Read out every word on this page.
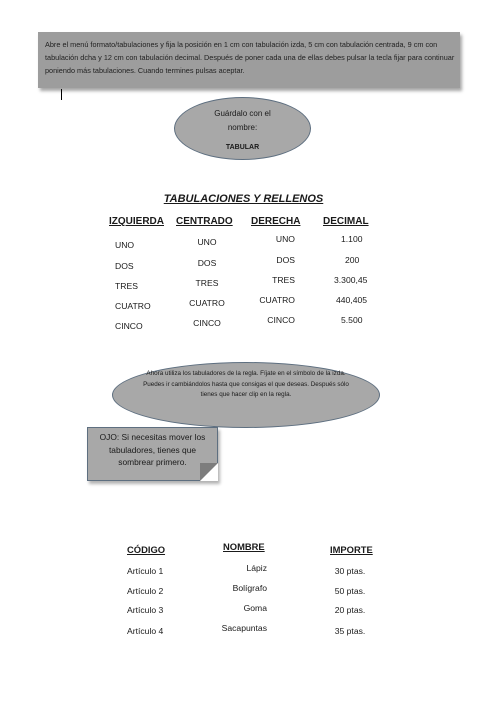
Abre el menú formato/tabulaciones y fija la posición en 1 cm con tabulación izda, 5 cm con tabulación centrada, 9 cm con tabulación dcha y 12 cm con tabulación decimal. Después de poner cada una de ellas debes pulsar la tecla fijar para continuar poniendo más tabulaciones. Cuando termines pulsas aceptar.
Guárdalo con el
nombre:
TABULAR
TABULACIONES Y RELLENOS
IZQUIERDA CENTRADO DERECHA DECIMAL
UNO
DOS
TRES
CUATRO
CINCO
UNO
DOS
TRES
CUATRO
CINCO
UNO
DOS
TRES
CUATRO
CINCO
1.100
200
3.300,45
440,405
5.500
Ahora utiliza los tabuladores de la regla. Fíjate en el símbolo de la izda. Puedes ir cambiándolos hasta que consigas el que deseas. Después sólo tienes que hacer clip en la regla.
OJO: Si necesitas mover los tabuladores, tienes que sombrear primero.
CÓDIGO	NOMBRE	IMPORTE
Artículo 1
Artículo 2
Artículo 3
Artículo 4
Lápiz
Bolígrafo
Goma
Sacapuntas
30 ptas.
50 ptas.
20 ptas.
35 ptas.
